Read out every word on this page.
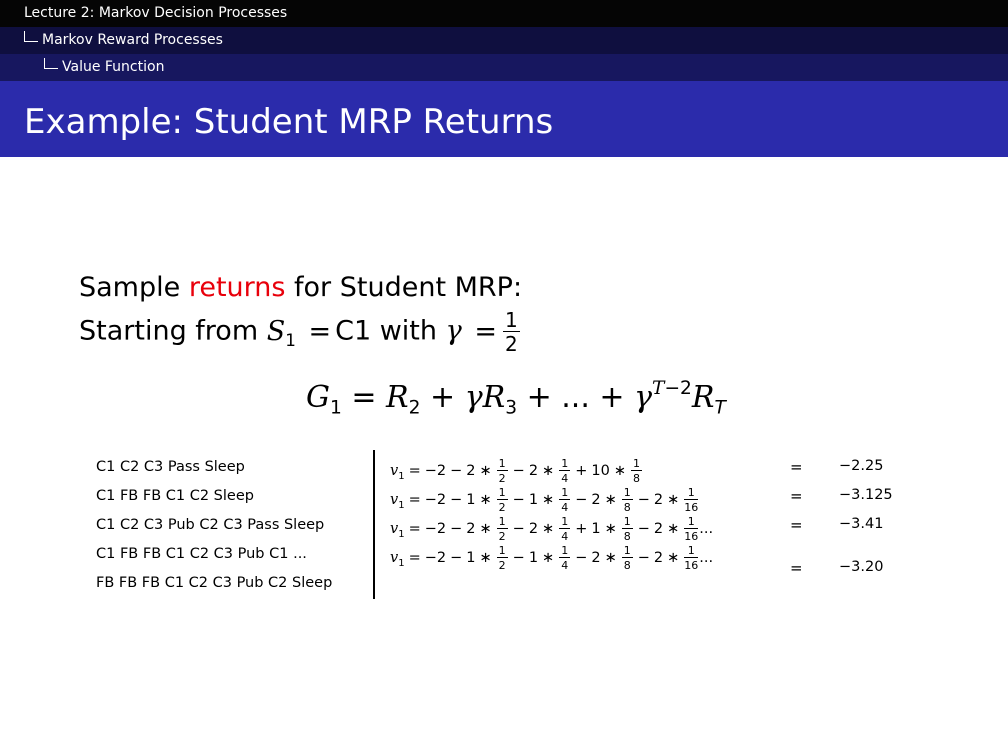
Lecture 2: Markov Decision Processes
Markov Reward Processes
Value Function
Example: Student MRP Returns
Sample returns for Student MRP:
Starting from $S_1 = C1$ with $\gamma = \frac{1}{2}$
$G_1 = R_2 + \gamma R_3$ + ... + $\gamma^{T-2}R_T$
C1 C2 C3 Pass Sleep
C1 FB FB C1 C2 Sleep
C1 C2 C3 Pub C2 C3 Pass Sleep
C1 FB FB C1 C2 C3 Pub C1 ...
FB FB FB C1 C2 C3 Pub C2 Sleep
$v_1 = -2 - 2$ ∗ $\frac{1}{2} - 2$ ∗ $\frac{1}{4} + 10$ ∗ $\frac{1}{8}$
$v_1 = -2 - 1$ ∗ $\frac{1}{2} - 1$ ∗ $\frac{1}{4} - 2$ ∗ $\frac{1}{8} - 2$ ∗ $\frac{1}{16}$
$v_1 = -2 - 2$ ∗ $\frac{1}{2} - 2$ ∗ $\frac{1}{4} + 1$ ∗ $\frac{1}{8} - 2$ ∗ $\frac{1}{16}$ ...
$v_1 = -2 - 1$ ∗ $\frac{1}{2} - 1$ ∗ $\frac{1}{4} - 2$ ∗ $\frac{1}{8} - 2$ ∗ $\frac{1}{16}$ ...
=
=
=
=
−2.25
−3.125
−3.41
−3.20
